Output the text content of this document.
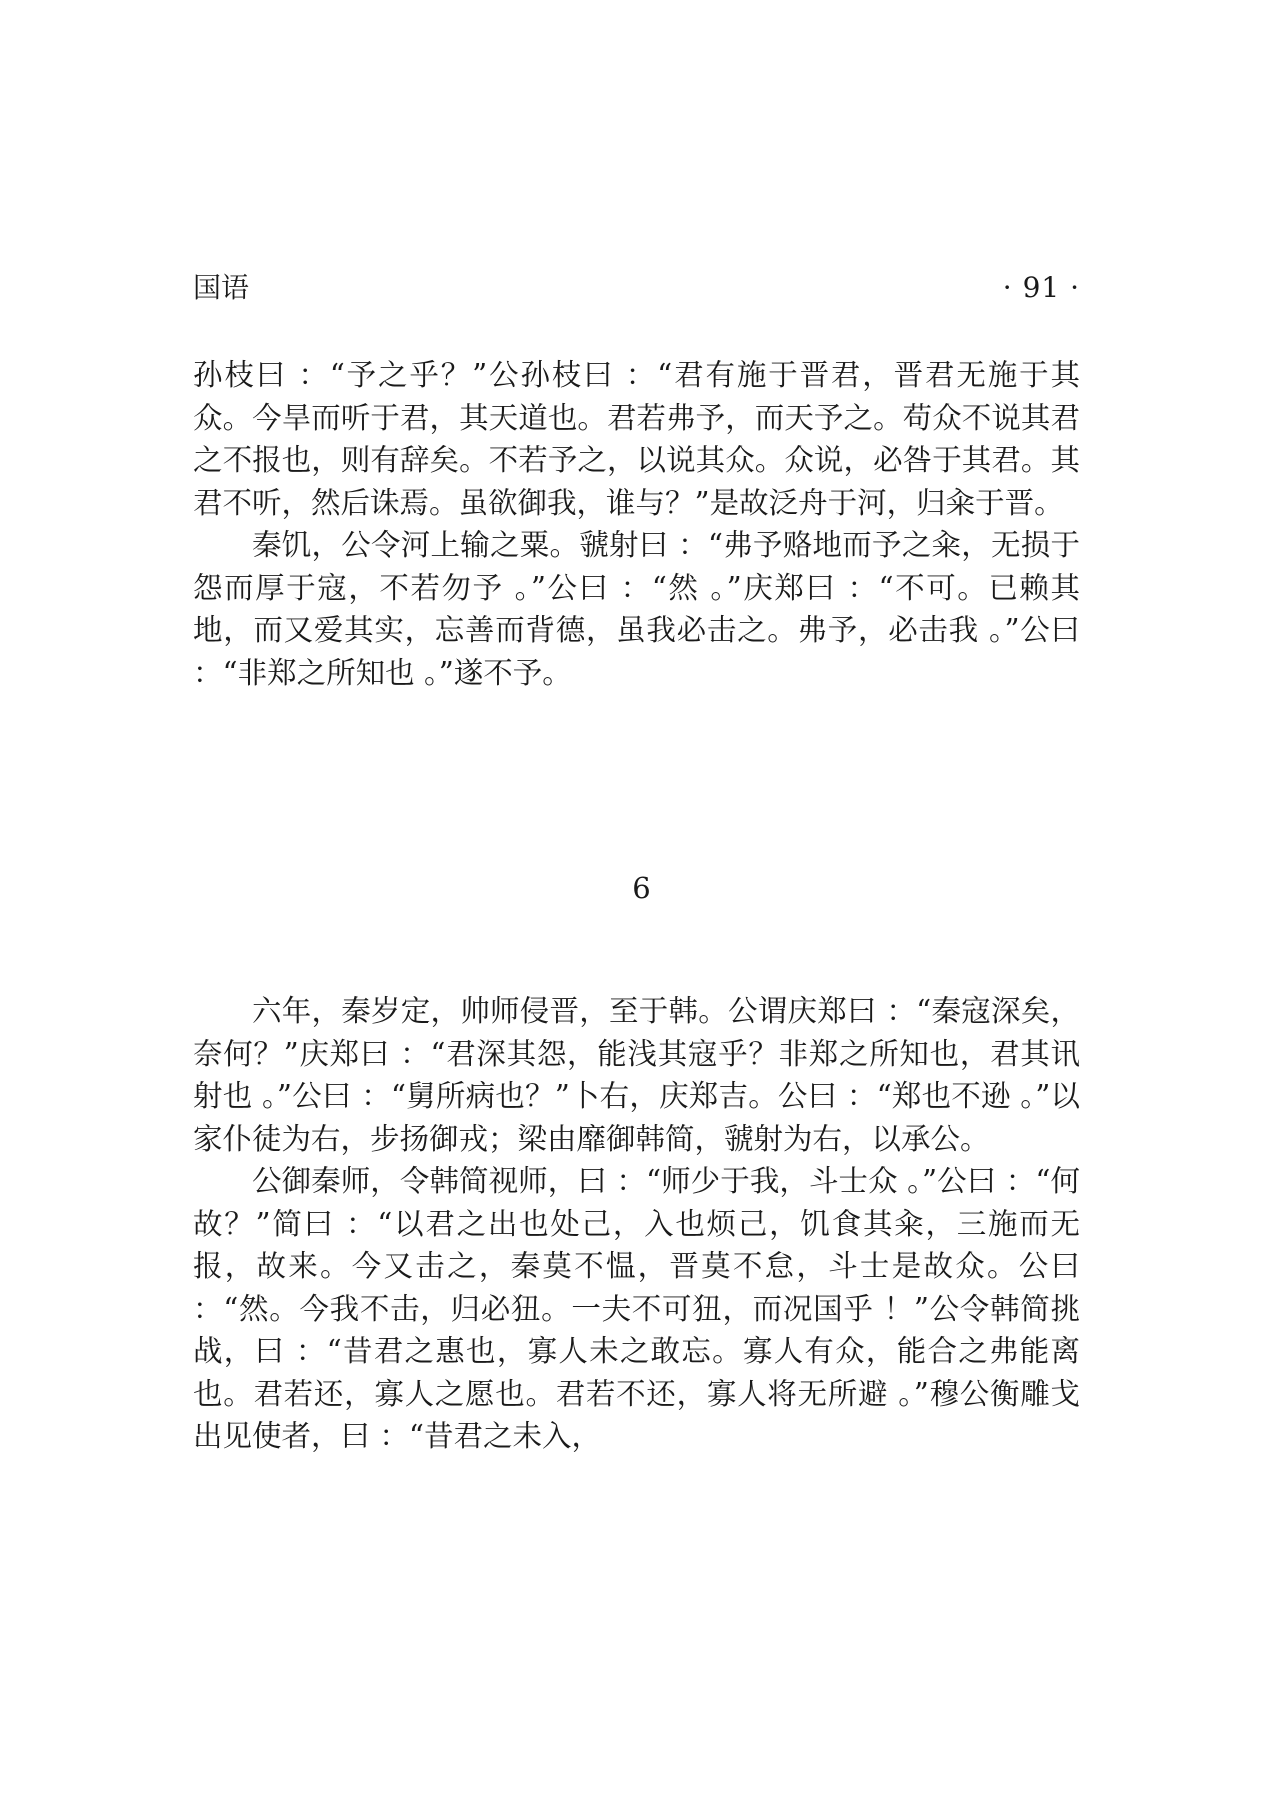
国语	· 91 ·

孙枝曰 ：“予之乎？”公孙枝曰 ：“君有施于晋君，晋君无施于其众。今旱而听于君，其天道也。君若弗予，而天予之。苟众不说其君之不报也，则有辞矣。不若予之，以说其众。众说，必咎于其君。其君不听，然后诛焉。虽欲御我，谁与？”是故泛舟于河，归籴于晋。

秦饥，公令河上输之粟。虢射曰 ：“弗予赂地而予之籴，无损于怨而厚于寇，不若勿予 。”公曰 ：“然 。”庆郑曰 ：“不可。已赖其地，而又爱其实，忘善而背德，虽我必击之。弗予，必击我 。”公曰 ：“非郑之所知也 。”遂不予。

6

六年，秦岁定，帅师侵晋，至于韩。公谓庆郑曰 ：“秦寇深矣，奈何？”庆郑曰 ：“君深其怨，能浅其寇乎？非郑之所知也，君其讯射也 。”公曰 ：“舅所病也？”卜右，庆郑吉。公曰 ：“郑也不逊 。”以家仆徒为右，步扬御戎；梁由靡御韩简，虢射为右，以承公。

公御秦师，令韩简视师，曰 ：“师少于我，斗士众 。”公曰 ：“何故？”简曰 ：“以君之出也处己，入也烦己，饥食其籴，三施而无报，故来。今又击之，秦莫不愠，晋莫不怠，斗士是故众。公曰 ：“然。今我不击，归必狃。一夫不可狃，而况国乎 ！”公令韩简挑战，曰 ：“昔君之惠也，寡人未之敢忘。寡人有众，能合之弗能离也。君若还，寡人之愿也。君若不还，寡人将无所避 。”穆公衡雕戈出见使者，曰 ：“昔君之未入，
